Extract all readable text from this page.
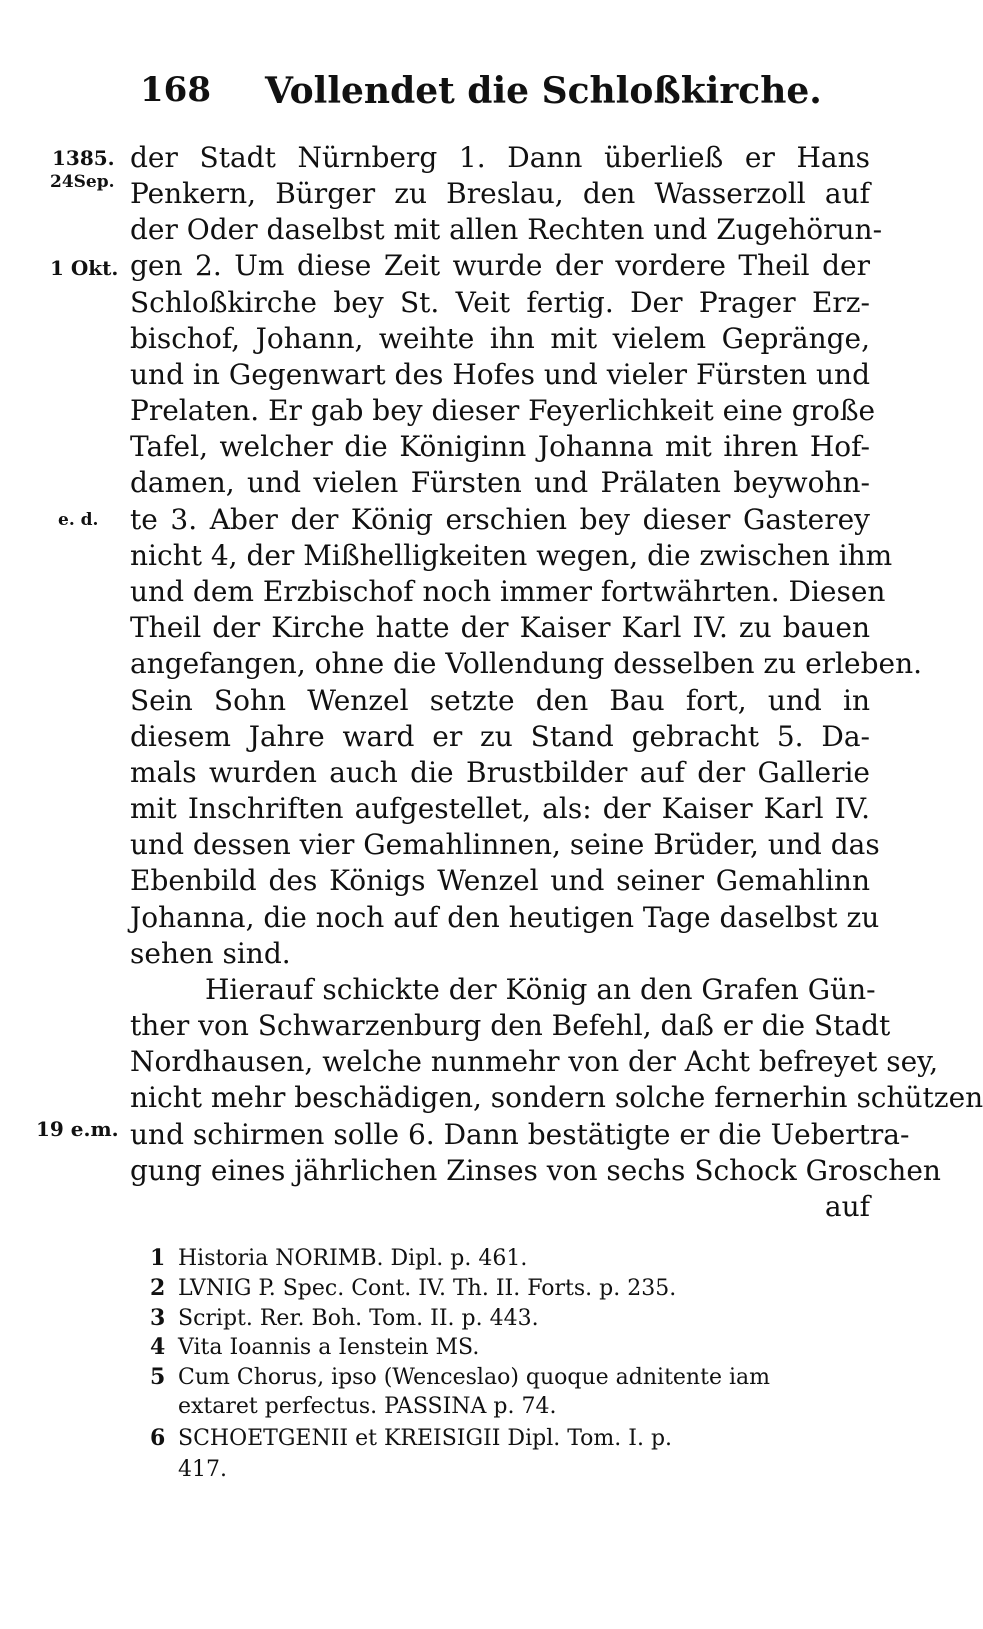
168 Vollendet die Schloßkirche.
1385.
24Sep.
1 Okt.
e. d.
19 e.m.
der Stadt Nürnberg 1. Dann überließ er Hans
Penkern, Bürger zu Breslau, den Wasserzoll auf
der Oder daselbst mit allen Rechten und Zugehörun-
gen 2. Um diese Zeit wurde der vordere Theil der
Schloßkirche bey St. Veit fertig. Der Prager Erz-
bischof, Johann, weihte ihn mit vielem Gepränge,
und in Gegenwart des Hofes und vieler Fürsten und
Prelaten. Er gab bey dieser Feyerlichkeit eine große
Tafel, welcher die Königinn Johanna mit ihren Hof-
damen, und vielen Fürsten und Prälaten beywohn-
te 3. Aber der König erschien bey dieser Gasterey
nicht 4, der Mißhelligkeiten wegen, die zwischen ihm
und dem Erzbischof noch immer fortwährten. Diesen
Theil der Kirche hatte der Kaiser Karl IV. zu bauen
angefangen, ohne die Vollendung desselben zu erleben.
Sein Sohn Wenzel setzte den Bau fort, und in
diesem Jahre ward er zu Stand gebracht 5. Da-
mals wurden auch die Brustbilder auf der Gallerie
mit Inschriften aufgestellet, als: der Kaiser Karl IV.
und dessen vier Gemahlinnen, seine Brüder, und das
Ebenbild des Königs Wenzel und seiner Gemahlinn
Johanna, die noch auf den heutigen Tage daselbst zu
sehen sind.
Hierauf schickte der König an den Grafen Gün-
ther von Schwarzenburg den Befehl, daß er die Stadt
Nordhausen, welche nunmehr von der Acht befreyet sey,
nicht mehr beschädigen, sondern solche fernerhin schützen
und schirmen solle 6. Dann bestätigte er die Uebertra-
gung eines jährlichen Zinses von sechs Schock Groschen
auf
1 Historia NORIMB. Dipl. p. 461.
2 LVNIG P. Spec. Cont. IV. Th. II. Forts. p. 235.
3 Script. Rer. Boh. Tom. II. p. 443.
4 Vita Ioannis a Ienstein MS.
5 Cum Chorus, ipso (Wenceslao) quoque adnitente iam
extaret perfectus. PASSINA p. 74.
6 SCHOETGENII et KREISIGII Dipl. Tom. I. p.
417.
